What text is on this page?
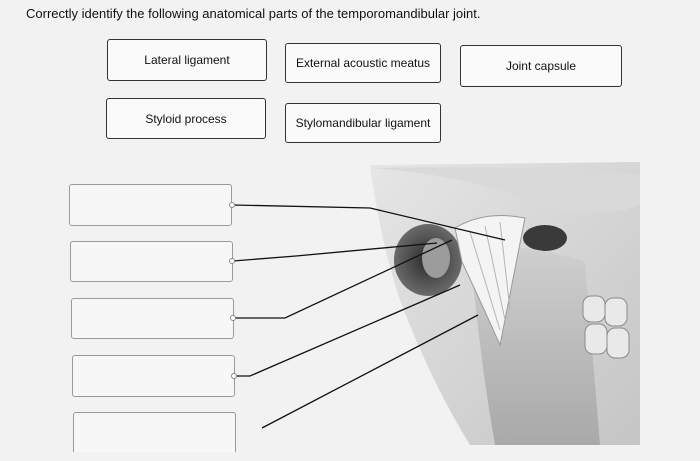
Correctly identify the following anatomical parts of the temporomandibular joint.
Lateral ligament	External acoustic meatus	Joint capsule
Styloid process	Stylomandibular ligament
